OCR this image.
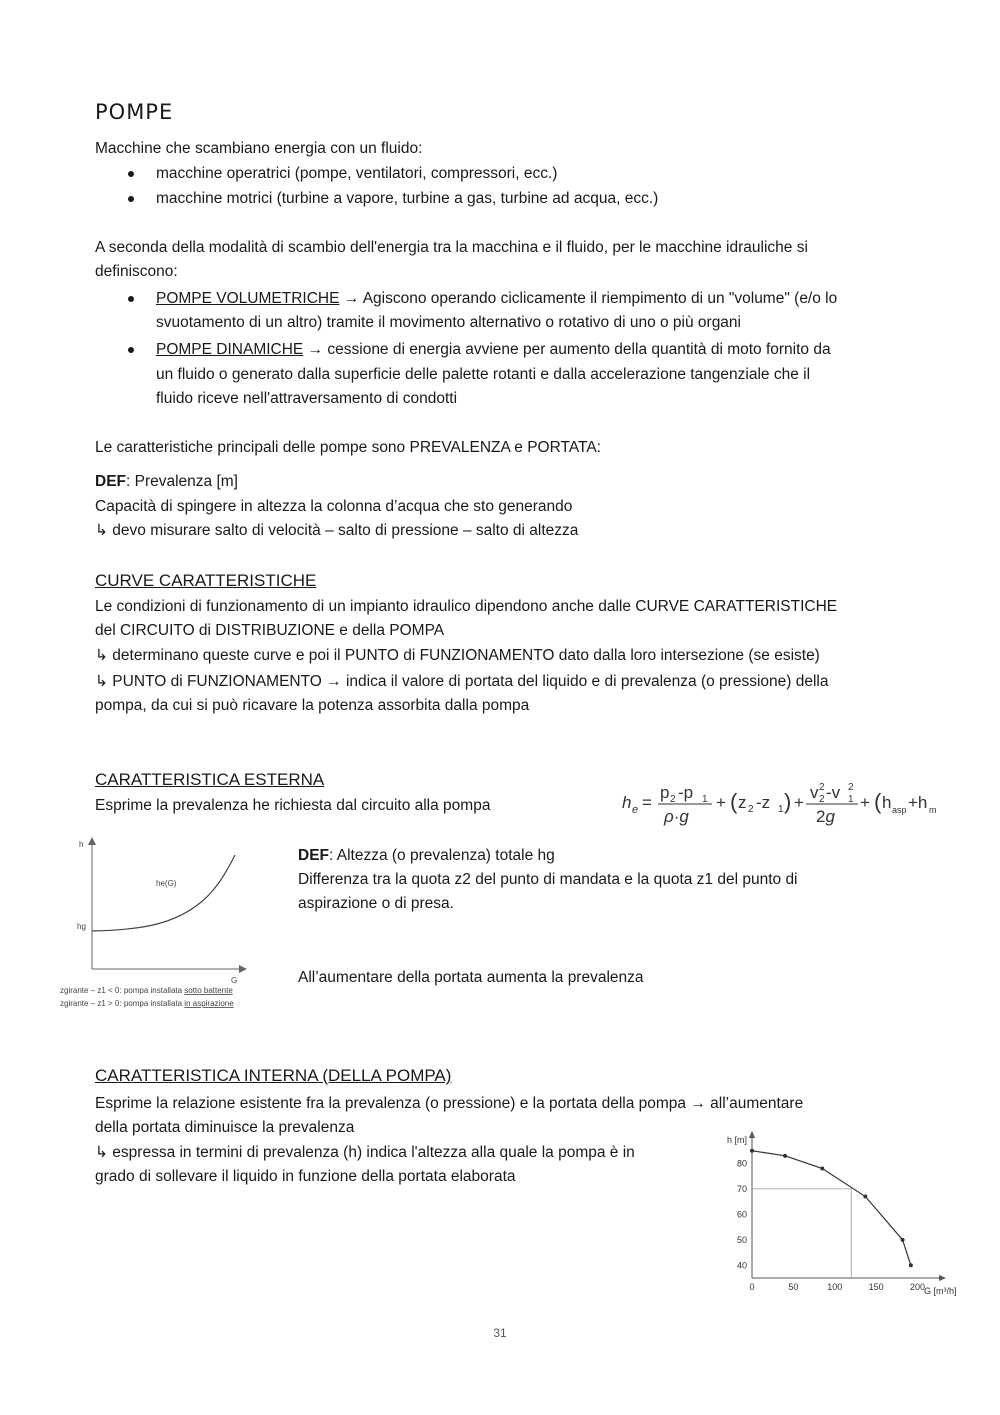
POMPE
Macchine che scambiano energia con un fluido:
macchine operatrici (pompe, ventilatori, compressori, ecc.)
macchine motrici (turbine a vapore, turbine a gas, turbine ad acqua, ecc.)
A seconda della modalità di scambio dell'energia tra la macchina e il fluido, per le macchine idrauliche si
definiscono:
POMPE VOLUMETRICHE → Agiscono operando ciclicamente il riempimento di un "volume" (e/o lo
svuotamento di un altro) tramite il movimento alternativo o rotativo di uno o più organi
POMPE DINAMICHE → cessione di energia avviene per aumento della quantità di moto fornito da
un fluido o generato dalla superficie delle palette rotanti e dalla accelerazione tangenziale che il
fluido riceve nell'attraversamento di condotti
Le caratteristiche principali delle pompe sono PREVALENZA e PORTATA:
DEF: Prevalenza [m]
Capacità di spingere in altezza la colonna d’acqua che sto generando
↳ devo misurare salto di velocità – salto di pressione – salto di altezza
CURVE CARATTERISTICHE
Le condizioni di funzionamento di un impianto idraulico dipendono anche dalle CURVE CARATTERISTICHE
del CIRCUITO di DISTRIBUZIONE e della POMPA
↳ determinano queste curve e poi il PUNTO di FUNZIONAMENTO dato dalla loro intersezione (se esiste)
↳ PUNTO di FUNZIONAMENTO → indica il valore di portata del liquido e di prevalenza (o pressione) della
pompa, da cui si può ricavare la potenza assorbita dalla pompa
CARATTERISTICA ESTERNA
Esprime la prevalenza he richiesta dal circuito alla pompa	h e =
p 2 -p 1
ρ·g
+ ( z 2 -z 1 ) +
v 2
2 -v 2
1
2g
+ ( h asp +h m
h
G
hg
he(G)
zgirante – z1 < 0: pompa installata sotto battente
zgirante – z1 > 0: pompa installata in aspirazione
DEF: Altezza (o prevalenza) totale hg
Differenza tra la quota z2 del punto di mandata e la quota z1 del punto di
aspirazione o di presa.
All’aumentare della portata aumenta la prevalenza
CARATTERISTICA INTERNA (DELLA POMPA)
Esprime la relazione esistente fra la prevalenza (o pressione) e la portata della pompa → all’aumentare
della portata diminuisce la prevalenza
↳ espressa in termini di prevalenza (h) indica l'altezza alla quale la pompa è in
grado di sollevare il liquido in funzione della portata elaborata
h [m]
G [m³/h]
40
50
60
70
80
0	50	100	150	200
31
